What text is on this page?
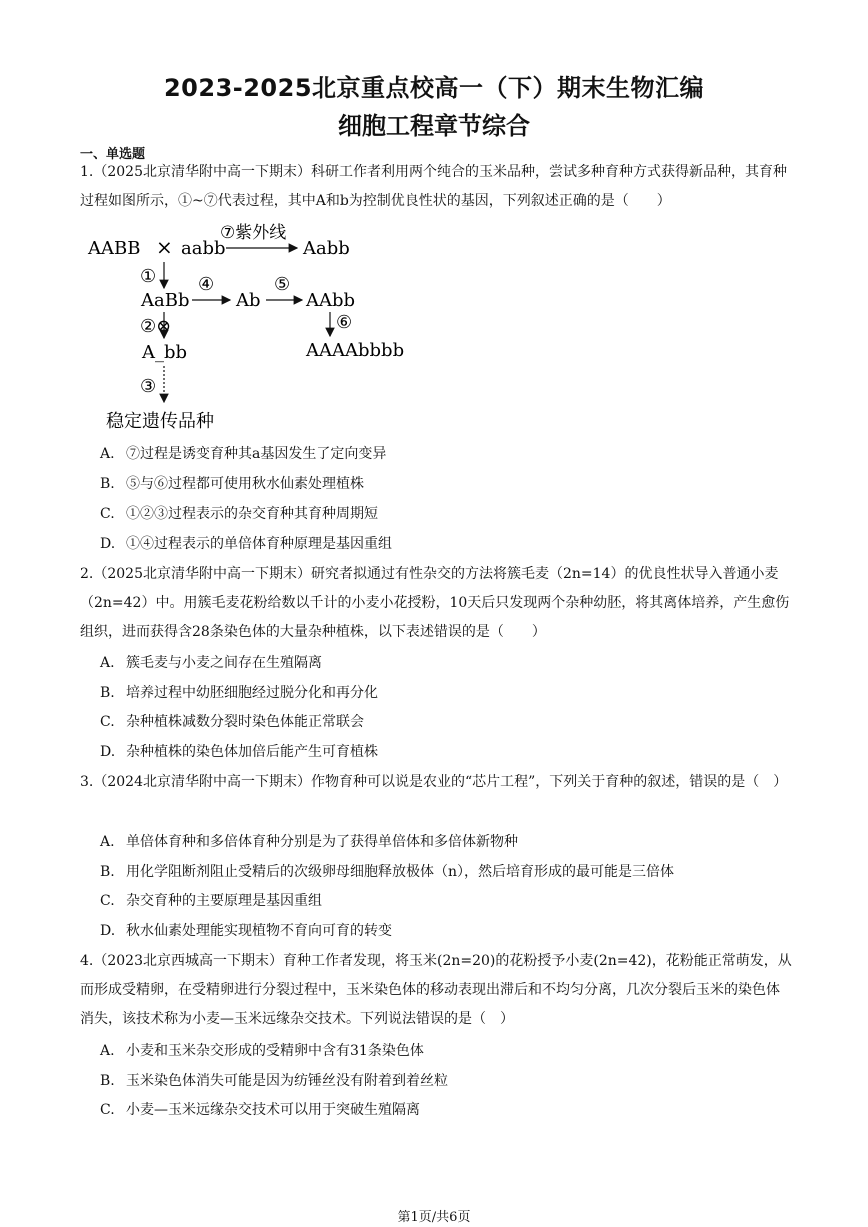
2023-2025北京重点校高一（下）期末生物汇编
细胞工程章节综合
一、单选题
1.（2025北京清华附中高一下期末）科研工作者利用两个纯合的玉米品种，尝试多种育种方式获得新品种，其育种过程如图所示，①~⑦代表过程，其中A和b为控制优良性状的基因，下列叙述正确的是（　　）
AABB × aabb
⑦紫外线
Aabb
①
AaBb
④
Ab
⑤
AAbb
⑥
AAAAbbbb
②⊗
A_bb
③
稳定遗传品种
A. ⑦过程是诱变育种其a基因发生了定向变异
B. ⑤与⑥过程都可使用秋水仙素处理植株
C. ①②③过程表示的杂交育种其育种周期短
D. ①④过程表示的单倍体育种原理是基因重组
2.（2025北京清华附中高一下期末）研究者拟通过有性杂交的方法将簇毛麦（2n=14）的优良性状导入普通小麦（2n=42）中。用簇毛麦花粉给数以千计的小麦小花授粉，10天后只发现两个杂种幼胚，将其离体培养，产生愈伤组织，进而获得含28条染色体的大量杂种植株，以下表述错误的是（　　）
A. 簇毛麦与小麦之间存在生殖隔离
B. 培养过程中幼胚细胞经过脱分化和再分化
C. 杂种植株减数分裂时染色体能正常联会
D. 杂种植株的染色体加倍后能产生可育植株
3.（2024北京清华附中高一下期末）作物育种可以说是农业的“芯片工程”，下列关于育种的叙述，错误的是（　）
A. 单倍体育种和多倍体育种分别是为了获得单倍体和多倍体新物种
B. 用化学阻断剂阻止受精后的次级卵母细胞释放极体（n），然后培育形成的最可能是三倍体
C. 杂交育种的主要原理是基因重组
D. 秋水仙素处理能实现植物不育向可育的转变
4.（2023北京西城高一下期末）育种工作者发现，将玉米(2n=20)的花粉授予小麦(2n=42)，花粉能正常萌发，从而形成受精卵，在受精卵进行分裂过程中，玉米染色体的移动表现出滞后和不均匀分离，几次分裂后玉米的染色体消失，该技术称为小麦—玉米远缘杂交技术。下列说法错误的是（　）
A. 小麦和玉米杂交形成的受精卵中含有31条染色体
B. 玉米染色体消失可能是因为纺锤丝没有附着到着丝粒
C. 小麦—玉米远缘杂交技术可以用于突破生殖隔离
第1页/共6页
